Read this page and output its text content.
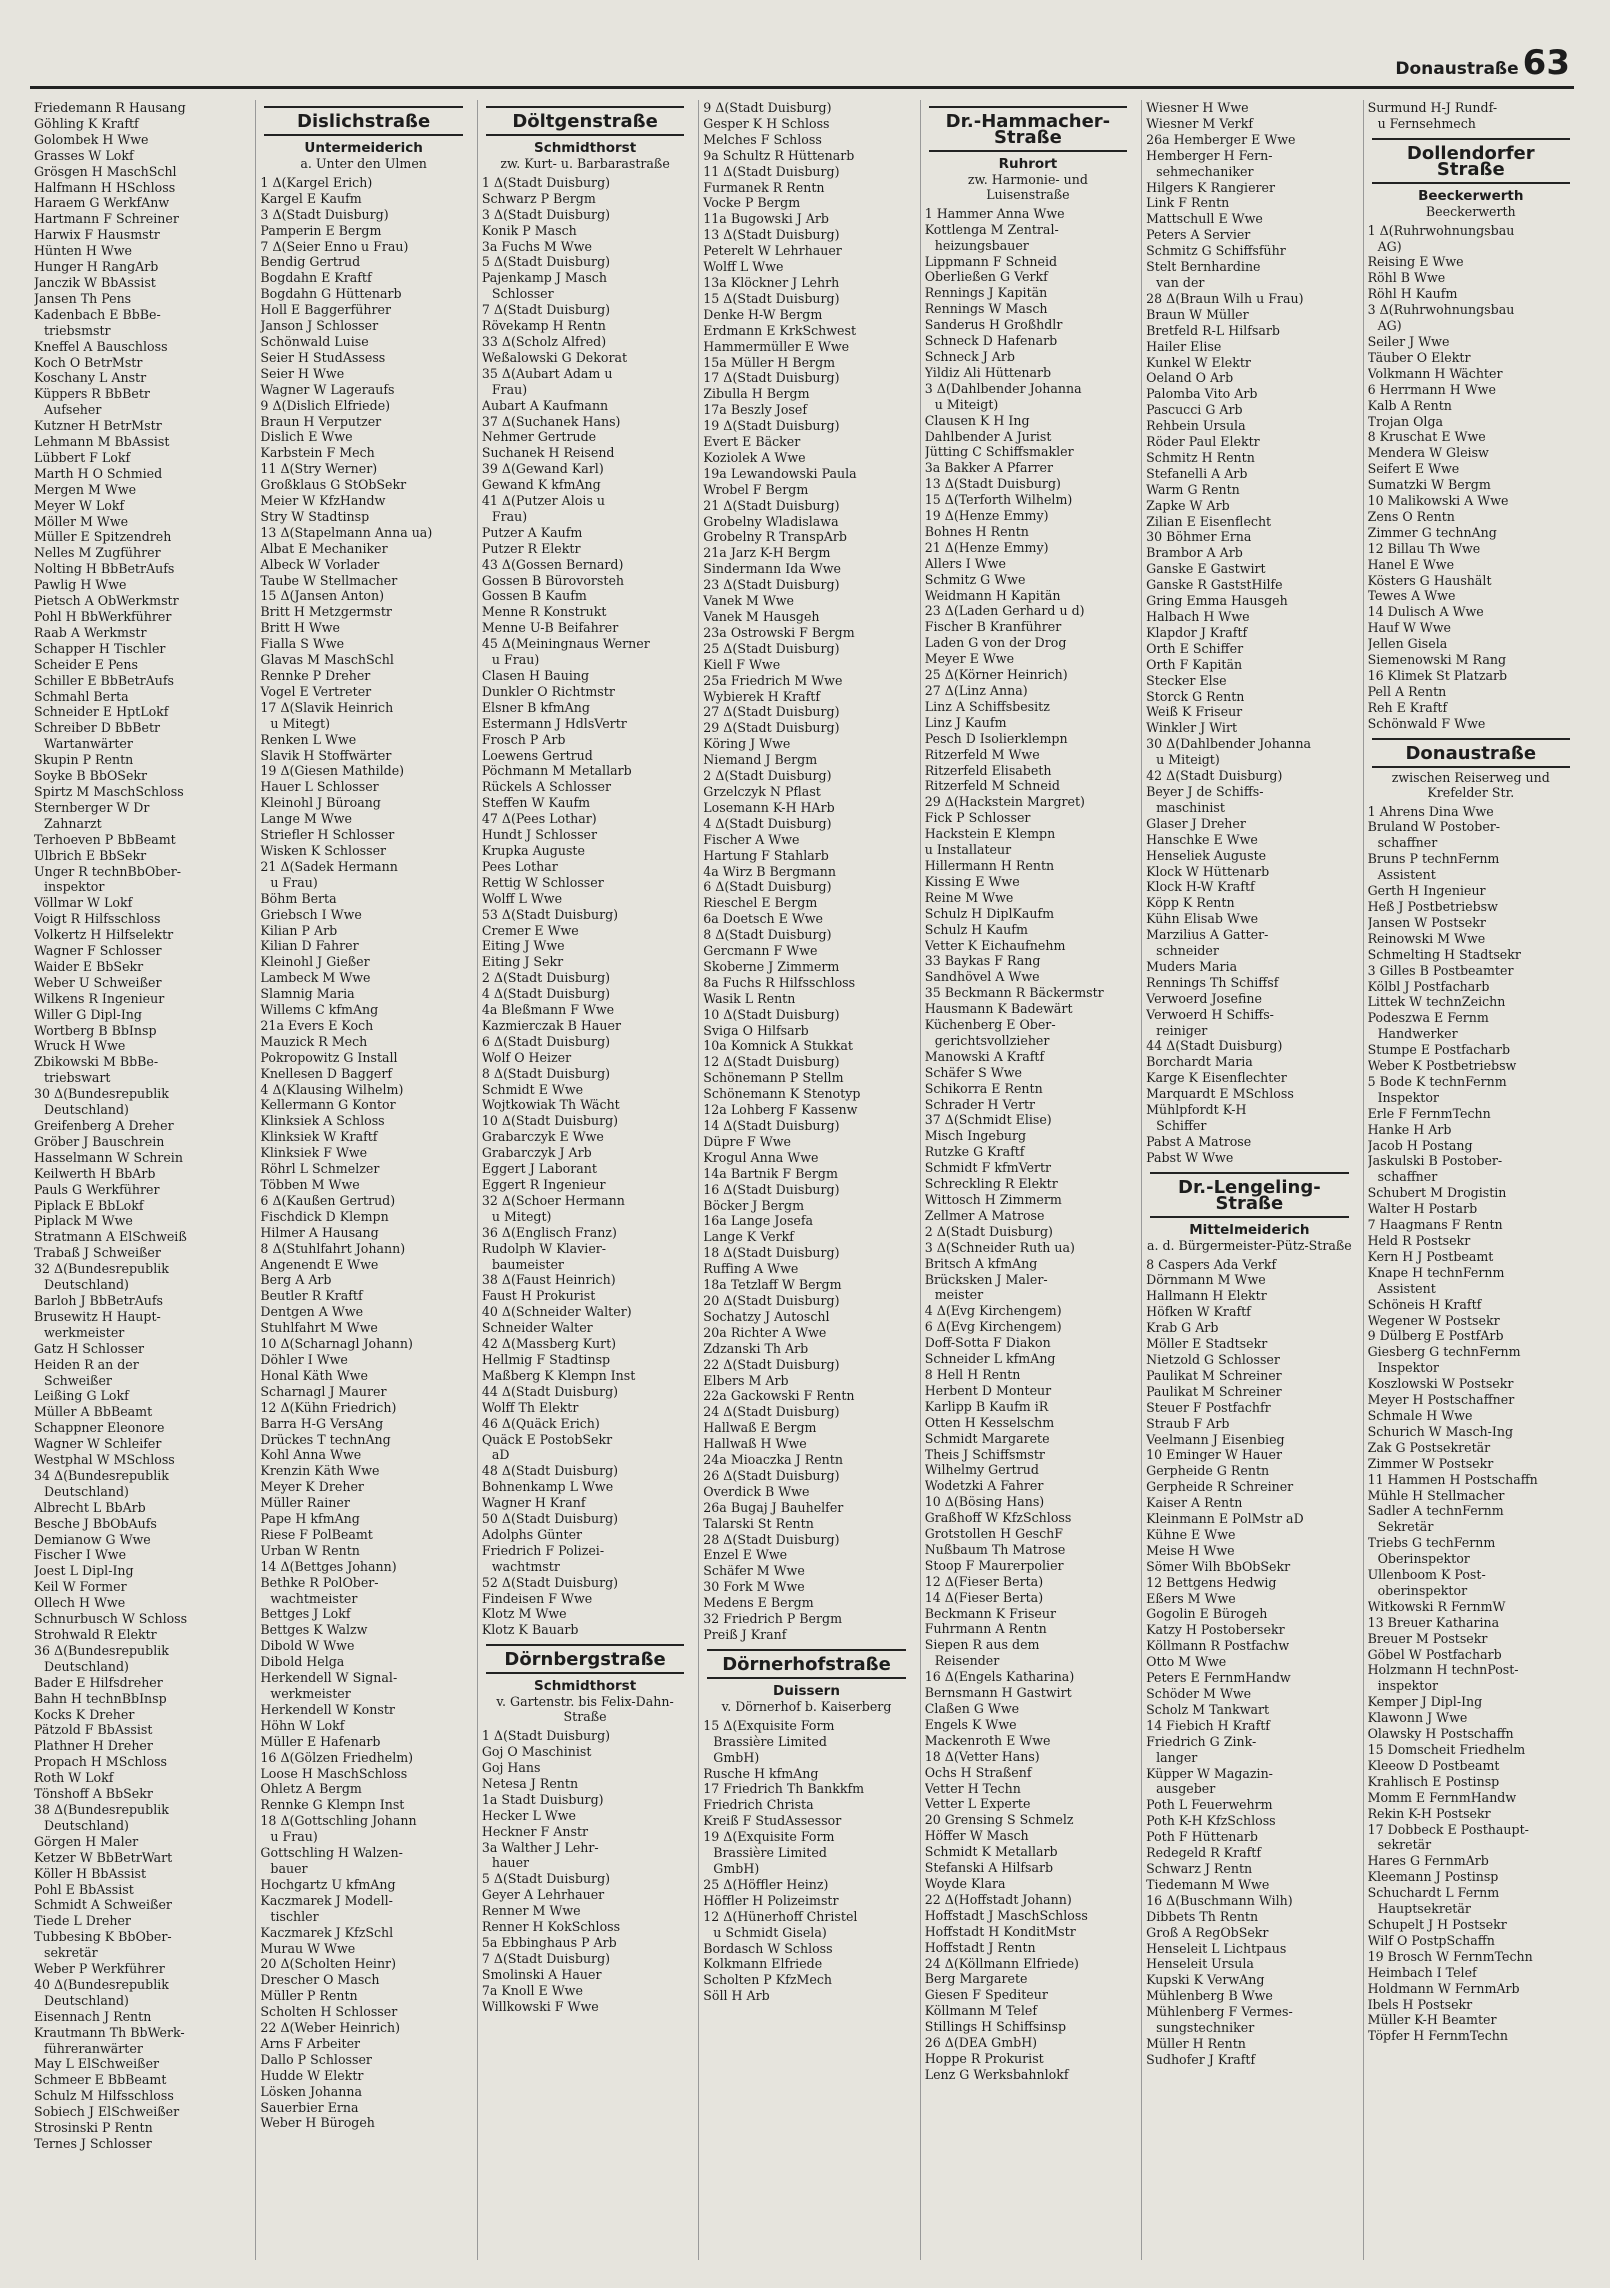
Donaustraße 63
Friedemann R Hausang
Göhling K Kraftf
Golombek H Wwe
Grasses W Lokf
Grösgen H MaschSchl
Halfmann H HSchloss
Haraem G WerkfAnw
Hartmann F Schreiner
Harwix F Hausmstr
Hünten H Wwe
Hunger H RangArb
Janczik W BbAssist
Jansen Th Pens
Kadenbach E BbBe-
triebsmstr
Kneffel A Bauschloss
Koch O BetrMstr
Koschany L Anstr
Küppers R BbBetr
Aufseher
Kutzner H BetrMstr
Lehmann M BbAssist
Lübbert F Lokf
Marth H O Schmied
Mergen M Wwe
Meyer W Lokf
Möller M Wwe
Müller E Spitzendreh
Nelles M Zugführer
Nolting H BbBetrAufs
Pawlig H Wwe
Pietsch A ObWerkmstr
Pohl H BbWerkführer
Raab A Werkmstr
Schapper H Tischler
Scheider E Pens
Schiller E BbBetrAufs
Schmahl Berta
Schneider E HptLokf
Schreiber D BbBetr
Wartanwärter
Skupin P Rentn
Soyke B BbOSekr
Spirtz M MaschSchloss
Sternberger W Dr
Zahnarzt
Terhoeven P BbBeamt
Ulbrich E BbSekr
Unger R technBbOber-
inspektor
Völlmar W Lokf
Voigt R Hilfsschloss
Volkertz H Hilfselektr
Wagner F Schlosser
Waider E BbSekr
Weber U Schweißer
Wilkens R Ingenieur
Willer G Dipl-Ing
Wortberg B BbInsp
Wruck H Wwe
Zbikowski M BbBe-
triebswart
30 Δ(Bundesrepublik
Deutschland)
Greifenberg A Dreher
Gröber J Bauschrein
Hasselmann W Schrein
Keilwerth H BbArb
Pauls G Werkführer
Piplack E BbLokf
Piplack M Wwe
Stratmann A ElSchweiß
Trabaß J Schweißer
32 Δ(Bundesrepublik
Deutschland)
Barloh J BbBetrAufs
Brusewitz H Haupt-
werkmeister
Gatz H Schlosser
Heiden R an der
Schweißer
Leißing G Lokf
Müller A BbBeamt
Schappner Eleonore
Wagner W Schleifer
Westphal W MSchloss
34 Δ(Bundesrepublik
Deutschland)
Albrecht L BbArb
Besche J BbObAufs
Demianow G Wwe
Fischer I Wwe
Joest L Dipl-Ing
Keil W Former
Ollech H Wwe
Schnurbusch W Schloss
Strohwald R Elektr
36 Δ(Bundesrepublik
Deutschland)
Bader E Hilfsdreher
Bahn H technBbInsp
Kocks K Dreher
Pätzold F BbAssist
Plathner H Dreher
Propach H MSchloss
Roth W Lokf
Tönshoff A BbSekr
38 Δ(Bundesrepublik
Deutschland)
Görgen H Maler
Ketzer W BbBetrWart
Köller H BbAssist
Pohl E BbAssist
Schmidt A Schweißer
Tiede L Dreher
Tubbesing K BbOber-
sekretär
Weber P Werkführer
40 Δ(Bundesrepublik
Deutschland)
Eisennach J Rentn
Krautmann Th BbWerk-
führeranwärter
May L ElSchweißer
Schmeer E BbBeamt
Schulz M Hilfsschloss
Sobiech J ElSchweißer
Strosinski P Rentn
Ternes J Schlosser
Dislichstraße
Untermeiderich
a. Unter den Ulmen
1 Δ(Kargel Erich)
Kargel E Kaufm
3 Δ(Stadt Duisburg)
Pamperin E Bergm
7 Δ(Seier Enno u Frau)
Bendig Gertrud
Bogdahn E Kraftf
Bogdahn G Hüttenarb
Holl E Baggerführer
Janson J Schlosser
Schönwald Luise
Seier H StudAssess
Seier H Wwe
Wagner W Lageraufs
9 Δ(Dislich Elfriede)
Braun H Verputzer
Dislich E Wwe
Karbstein F Mech
11 Δ(Stry Werner)
Großklaus G StObSekr
Meier W KfzHandw
Stry W Stadtinsp
13 Δ(Stapelmann Anna ua)
Albat E Mechaniker
Albeck W Vorlader
Taube W Stellmacher
15 Δ(Jansen Anton)
Britt H Metzgermstr
Britt H Wwe
Fialla S Wwe
Glavas M MaschSchl
Rennke P Dreher
Vogel E Vertreter
17 Δ(Slavik Heinrich
u Mitegt)
Renken L Wwe
Slavik H Stoffwärter
19 Δ(Giesen Mathilde)
Hauer L Schlosser
Kleinohl J Büroang
Lange M Wwe
Striefler H Schlosser
Wisken K Schlosser
21 Δ(Sadek Hermann
u Frau)
Böhm Berta
Griebsch I Wwe
Kilian P Arb
Kilian D Fahrer
Kleinohl J Gießer
Lambeck M Wwe
Slamnig Maria
Willems C kfmAng
21a Evers E Koch
Mauzick R Mech
Pokropowitz G Install
Knellesen D Baggerf
4 Δ(Klausing Wilhelm)
Kellermann G Kontor
Klinksiek A Schloss
Klinksiek W Kraftf
Klinksiek F Wwe
Röhrl L Schmelzer
Többen M Wwe
6 Δ(Kaußen Gertrud)
Fischdick D Klempn
Hilmer A Hausang
8 Δ(Stuhlfahrt Johann)
Angenendt E Wwe
Berg A Arb
Beutler R Kraftf
Dentgen A Wwe
Stuhlfahrt M Wwe
10 Δ(Scharnagl Johann)
Döhler I Wwe
Honal Käth Wwe
Scharnagl J Maurer
12 Δ(Kühn Friedrich)
Barra H-G VersAng
Drückes T technAng
Kohl Anna Wwe
Krenzin Käth Wwe
Meyer K Dreher
Müller Rainer
Pape H kfmAng
Riese F PolBeamt
Urban W Rentn
14 Δ(Bettges Johann)
Bethke R PolOber-
wachtmeister
Bettges J Lokf
Bettges K Walzw
Dibold W Wwe
Dibold Helga
Herkendell W Signal-
werkmeister
Herkendell W Konstr
Höhn W Lokf
Müller E Hafenarb
16 Δ(Gölzen Friedhelm)
Loose H MaschSchloss
Ohletz A Bergm
Rennke G Klempn Inst
18 Δ(Gottschling Johann
u Frau)
Gottschling H Walzen-
bauer
Hochgartz U kfmAng
Kaczmarek J Modell-
tischler
Kaczmarek J KfzSchl
Murau W Wwe
20 Δ(Scholten Heinr)
Drescher O Masch
Müller P Rentn
Scholten H Schlosser
22 Δ(Weber Heinrich)
Arns F Arbeiter
Dallo P Schlosser
Hudde W Elektr
Lösken Johanna
Sauerbier Erna
Weber H Bürogeh
Döltgenstraße
Schmidthorst
zw. Kurt- u. Barbarastraße
1 Δ(Stadt Duisburg)
Schwarz P Bergm
3 Δ(Stadt Duisburg)
Konik P Masch
3a Fuchs M Wwe
5 Δ(Stadt Duisburg)
Pajenkamp J Masch
Schlosser
7 Δ(Stadt Duisburg)
Rövekamp H Rentn
33 Δ(Scholz Alfred)
Weßalowski G Dekorat
35 Δ(Aubart Adam u
Frau)
Aubart A Kaufmann
37 Δ(Suchanek Hans)
Nehmer Gertrude
Suchanek H Reisend
39 Δ(Gewand Karl)
Gewand K kfmAng
41 Δ(Putzer Alois u
Frau)
Putzer A Kaufm
Putzer R Elektr
43 Δ(Gossen Bernard)
Gossen B Bürovorsteh
Gossen B Kaufm
Menne R Konstrukt
Menne U-B Beifahrer
45 Δ(Meiningnaus Werner
u Frau)
Clasen H Bauing
Dunkler O Richtmstr
Elsner B kfmAng
Estermann J HdlsVertr
Frosch P Arb
Loewens Gertrud
Pöchmann M Metallarb
Rückels A Schlosser
Steffen W Kaufm
47 Δ(Pees Lothar)
Hundt J Schlosser
Krupka Auguste
Pees Lothar
Rettig W Schlosser
Wolff L Wwe
53 Δ(Stadt Duisburg)
Cremer E Wwe
Eiting J Wwe
Eiting J Sekr
2 Δ(Stadt Duisburg)
4 Δ(Stadt Duisburg)
4a Bleßmann F Wwe
Kazmierczak B Hauer
6 Δ(Stadt Duisburg)
Wolf O Heizer
8 Δ(Stadt Duisburg)
Schmidt E Wwe
Wojtkowiak Th Wächt
10 Δ(Stadt Duisburg)
Grabarczyk E Wwe
Grabarczyk J Arb
Eggert J Laborant
Eggert R Ingenieur
32 Δ(Schoer Hermann
u Mitegt)
36 Δ(Englisch Franz)
Rudolph W Klavier-
baumeister
38 Δ(Faust Heinrich)
Faust H Prokurist
40 Δ(Schneider Walter)
Schneider Walter
42 Δ(Massberg Kurt)
Hellmig F Stadtinsp
Maßberg K Klempn Inst
44 Δ(Stadt Duisburg)
Wolff Th Elektr
46 Δ(Quäck Erich)
Quäck E PostobSekr
aD
48 Δ(Stadt Duisburg)
Bohnenkamp L Wwe
Wagner H Kranf
50 Δ(Stadt Duisburg)
Adolphs Günter
Friedrich F Polizei-
wachtmstr
52 Δ(Stadt Duisburg)
Findeisen F Wwe
Klotz M Wwe
Klotz K Bauarb
Dörnbergstraße
Schmidthorst
v. Gartenstr. bis Felix-Dahn-Straße
1 Δ(Stadt Duisburg)
Goj O Maschinist
Goj Hans
Netesa J Rentn
1a Stadt Duisburg)
Hecker L Wwe
Heckner F Anstr
3a Walther J Lehr-
hauer
5 Δ(Stadt Duisburg)
Geyer A Lehrhauer
Renner M Wwe
Renner H KokSchloss
5a Ebbinghaus P Arb
7 Δ(Stadt Duisburg)
Smolinski A Hauer
7a Knoll E Wwe
Willkowski F Wwe
9 Δ(Stadt Duisburg)
Gesper K H Schloss
Melches F Schloss
9a Schultz R Hüttenarb
11 Δ(Stadt Duisburg)
Furmanek R Rentn
Vocke P Bergm
11a Bugowski J Arb
13 Δ(Stadt Duisburg)
Peterelt W Lehrhauer
Wolff L Wwe
13a Klöckner J Lehrh
15 Δ(Stadt Duisburg)
Denke H-W Bergm
Erdmann E KrkSchwest
Hammermüller E Wwe
15a Müller H Bergm
17 Δ(Stadt Duisburg)
Zibulla H Bergm
17a Beszly Josef
19 Δ(Stadt Duisburg)
Evert E Bäcker
Koziolek A Wwe
19a Lewandowski Paula
Wrobel F Bergm
21 Δ(Stadt Duisburg)
Grobelny Wladislawa
Grobelny R TranspArb
21a Jarz K-H Bergm
Sindermann Ida Wwe
23 Δ(Stadt Duisburg)
Vanek M Wwe
Vanek M Hausgeh
23a Ostrowski F Bergm
25 Δ(Stadt Duisburg)
Kiell F Wwe
25a Friedrich M Wwe
Wybierek H Kraftf
27 Δ(Stadt Duisburg)
29 Δ(Stadt Duisburg)
Köring J Wwe
Niemand J Bergm
2 Δ(Stadt Duisburg)
Grzelczyk N Pflast
Losemann K-H HArb
4 Δ(Stadt Duisburg)
Fischer A Wwe
Hartung F Stahlarb
4a Wirz B Bergmann
6 Δ(Stadt Duisburg)
Rieschel E Bergm
6a Doetsch E Wwe
8 Δ(Stadt Duisburg)
Gercmann F Wwe
Skoberne J Zimmerm
8a Fuchs R Hilfsschloss
Wasik L Rentn
10 Δ(Stadt Duisburg)
Sviga O Hilfsarb
10a Komnick A Stukkat
12 Δ(Stadt Duisburg)
Schönemann P Stellm
Schönemann K Stenotyp
12a Lohberg F Kassenw
14 Δ(Stadt Duisburg)
Düpre F Wwe
Krogul Anna Wwe
14a Bartnik F Bergm
16 Δ(Stadt Duisburg)
Böcker J Bergm
16a Lange Josefa
Lange K Verkf
18 Δ(Stadt Duisburg)
Ruffing A Wwe
18a Tetzlaff W Bergm
20 Δ(Stadt Duisburg)
Sochatzy J Autoschl
20a Richter A Wwe
Zdzanski Th Arb
22 Δ(Stadt Duisburg)
Elbers M Arb
22a Gackowski F Rentn
24 Δ(Stadt Duisburg)
Hallwaß E Bergm
Hallwaß H Wwe
24a Mioaczka J Rentn
26 Δ(Stadt Duisburg)
Overdick B Wwe
26a Bugaj J Bauhelfer
Talarski St Rentn
28 Δ(Stadt Duisburg)
Enzel E Wwe
Schäfer M Wwe
30 Fork M Wwe
Medens E Bergm
32 Friedrich P Bergm
Preiß J Kranf
Dörnerhofstraße
Duissern
v. Dörnerhof b. Kaiserberg
15 Δ(Exquisite Form
Brassière Limited
GmbH)
Rusche H kfmAng
17 Friedrich Th Bankkfm
Friedrich Christa
Kreiß F StudAssessor
19 Δ(Exquisite Form
Brassière Limited
GmbH)
25 Δ(Höffler Heinz)
Höffler H Polizeimstr
12 Δ(Hünerhoff Christel
u Schmidt Gisela)
Bordasch W Schloss
Kolkmann Elfriede
Scholten P KfzMech
Söll H Arb
Dr.-Hammacher-Straße
Ruhrort
zw. Harmonie- und Luisenstraße
1 Hammer Anna Wwe
Kottlenga M Zentral-
heizungsbauer
Lippmann F Schneid
Oberließen G Verkf
Rennings J Kapitän
Rennings W Masch
Sanderus H Großhdlr
Schneck D Hafenarb
Schneck J Arb
Yildiz Ali Hüttenarb
3 Δ(Dahlbender Johanna
u Miteigt)
Clausen K H Ing
Dahlbender A Jurist
Jütting C Schiffsmakler
3a Bakker A Pfarrer
13 Δ(Stadt Duisburg)
15 Δ(Terforth Wilhelm)
19 Δ(Henze Emmy)
Bohnes H Rentn
21 Δ(Henze Emmy)
Allers I Wwe
Schmitz G Wwe
Weidmann H Kapitän
23 Δ(Laden Gerhard u d)
Fischer B Kranführer
Laden G von der Drog
Meyer E Wwe
25 Δ(Körner Heinrich)
27 Δ(Linz Anna)
Linz A Schiffsbesitz
Linz J Kaufm
Pesch D Isolierklempn
Ritzerfeld M Wwe
Ritzerfeld Elisabeth
Ritzerfeld M Schneid
29 Δ(Hackstein Margret)
Fick P Schlosser
Hackstein E Klempn
u Installateur
Hillermann H Rentn
Kissing E Wwe
Reine M Wwe
Schulz H DiplKaufm
Schulz H Kaufm
Vetter K Eichaufnehm
33 Baykas F Rang
Sandhövel A Wwe
35 Beckmann R Bäckermstr
Hausmann K Badewärt
Küchenberg E Ober-
gerichtsvollzieher
Manowski A Kraftf
Schäfer S Wwe
Schikorra E Rentn
Schrader H Vertr
37 Δ(Schmidt Elise)
Misch Ingeburg
Rutzke G Kraftf
Schmidt F kfmVertr
Schreckling R Elektr
Wittosch H Zimmerm
Zellmer A Matrose
2 Δ(Stadt Duisburg)
3 Δ(Schneider Ruth ua)
Britsch A kfmAng
Brücksken J Maler-
meister
4 Δ(Evg Kirchengem)
6 Δ(Evg Kirchengem)
Doff-Sotta F Diakon
Schneider L kfmAng
8 Hell H Rentn
Herbent D Monteur
Karlipp B Kaufm iR
Otten H Kesselschm
Schmidt Margarete
Theis J Schiffsmstr
Wilhelmy Gertrud
Wodetzki A Fahrer
10 Δ(Bösing Hans)
Graßhoff W KfzSchloss
Grotstollen H GeschF
Nußbaum Th Matrose
Stoop F Maurerpolier
12 Δ(Fieser Berta)
14 Δ(Fieser Berta)
Beckmann K Friseur
Fuhrmann A Rentn
Siepen R aus dem
Reisender
16 Δ(Engels Katharina)
Bernsmann H Gastwirt
Claßen G Wwe
Engels K Wwe
Mackenroth E Wwe
18 Δ(Vetter Hans)
Ochs H Straßenf
Vetter H Techn
Vetter L Experte
20 Grensing S Schmelz
Höffer W Masch
Schmidt K Metallarb
Stefanski A Hilfsarb
Woyde Klara
22 Δ(Hoffstadt Johann)
Hoffstadt J MaschSchloss
Hoffstadt H KonditMstr
Hoffstadt J Rentn
24 Δ(Köllmann Elfriede)
Berg Margarete
Giesen F Spediteur
Köllmann M Telef
Stillings H Schiffsinsp
26 Δ(DEA GmbH)
Hoppe R Prokurist
Lenz G Werksbahnlokf
Wiesner H Wwe
Wiesner M Verkf
26a Hemberger E Wwe
Hemberger H Fern-
sehmechaniker
Hilgers K Rangierer
Link F Rentn
Mattschull E Wwe
Peters A Servier
Schmitz G Schiffsführ
Stelt Bernhardine
van der
28 Δ(Braun Wilh u Frau)
Braun W Müller
Bretfeld R-L Hilfsarb
Hailer Elise
Kunkel W Elektr
Oeland O Arb
Palomba Vito Arb
Pascucci G Arb
Rehbein Ursula
Röder Paul Elektr
Schmitz H Rentn
Stefanelli A Arb
Warm G Rentn
Zapke W Arb
Zilian E Eisenflecht
30 Böhmer Erna
Brambor A Arb
Ganske E Gastwirt
Ganske R GaststHilfe
Gring Emma Hausgeh
Halbach H Wwe
Klapdor J Kraftf
Orth E Schiffer
Orth F Kapitän
Stecker Else
Storck G Rentn
Weiß K Friseur
Winkler J Wirt
30 Δ(Dahlbender Johanna
u Miteigt)
42 Δ(Stadt Duisburg)
Beyer J de Schiffs-
maschinist
Glaser J Dreher
Hanschke E Wwe
Henseliek Auguste
Klock W Hüttenarb
Klock H-W Kraftf
Köpp K Rentn
Kühn Elisab Wwe
Marzilius A Gatter-
schneider
Muders Maria
Rennings Th Schiffsf
Verwoerd Josefine
Verwoerd H Schiffs-
reiniger
44 Δ(Stadt Duisburg)
Borchardt Maria
Karge K Eisenflechter
Marquardt E MSchloss
Mühlpfordt K-H
Schiffer
Pabst A Matrose
Pabst W Wwe
Dr.-Lengeling-Straße
Mittelmeiderich
a. d. Bürgermeister-Pütz-Straße
8 Caspers Ada Verkf
Dörnmann M Wwe
Hallmann H Elektr
Höfken W Kraftf
Krab G Arb
Möller E Stadtsekr
Nietzold G Schlosser
Paulikat M Schreiner
Paulikat M Schreiner
Steuer F Postfachfr
Straub F Arb
Veelmann J Eisenbieg
10 Eminger W Hauer
Gerpheide G Rentn
Gerpheide R Schreiner
Kaiser A Rentn
Kleinmann E PolMstr aD
Kühne E Wwe
Meise H Wwe
Sömer Wilh BbObSekr
12 Bettgens Hedwig
Eßers M Wwe
Gogolin E Bürogeh
Katzy H Postobersekr
Köllmann R Postfachw
Otto M Wwe
Peters E FernmHandw
Schöder M Wwe
Scholz M Tankwart
14 Fiebich H Kraftf
Friedrich G Zink-
langer
Küpper W Magazin-
ausgeber
Poth L Feuerwehrm
Poth K-H KfzSchloss
Poth F Hüttenarb
Redegeld R Kraftf
Schwarz J Rentn
Tiedemann M Wwe
16 Δ(Buschmann Wilh)
Dibbets Th Rentn
Groß A RegObSekr
Henseleit L Lichtpaus
Henseleit Ursula
Kupski K VerwAng
Mühlenberg B Wwe
Mühlenberg F Vermes-
sungstechniker
Müller H Rentn
Sudhofer J Kraftf
Surmund H-J Rundf-
u Fernsehmech
Dollendorfer Straße
Beeckerwerth
Beeckerwerth
1 Δ(Ruhrwohnungsbau
AG)
Reising E Wwe
Röhl B Wwe
Röhl H Kaufm
3 Δ(Ruhrwohnungsbau
AG)
Seiler J Wwe
Täuber O Elektr
Volkmann H Wächter
6 Herrmann H Wwe
Kalb A Rentn
Trojan Olga
8 Kruschat E Wwe
Mendera W Gleisw
Seifert E Wwe
Sumatzki W Bergm
10 Malikowski A Wwe
Zens O Rentn
Zimmer G technAng
12 Billau Th Wwe
Hanel E Wwe
Kösters G Haushält
Tewes A Wwe
14 Dulisch A Wwe
Hauf W Wwe
Jellen Gisela
Siemenowski M Rang
16 Klimek St Platzarb
Pell A Rentn
Reh E Kraftf
Schönwald F Wwe
Donaustraße
zwischen Reiserweg und Krefelder Str.
1 Ahrens Dina Wwe
Bruland W Postober-
schaffner
Bruns P technFernm
Assistent
Gerth H Ingenieur
Heß J Postbetriebsw
Jansen W Postsekr
Reinowski M Wwe
Schmelting H Stadtsekr
3 Gilles B Postbeamter
Kölbl J Postfacharb
Littek W technZeichn
Podeszwa E Fernm
Handwerker
Stumpe E Postfacharb
Weber K Postbetriebsw
5 Bode K technFernm
Inspektor
Erle F FernmTechn
Hanke H Arb
Jacob H Postang
Jaskulski B Postober-
schaffner
Schubert M Drogistin
Walter H Postarb
7 Haagmans F Rentn
Held R Postsekr
Kern H J Postbeamt
Knape H technFernm
Assistent
Schöneis H Kraftf
Wegener W Postsekr
9 Dülberg E PostfArb
Giesberg G technFernm
Inspektor
Koszlowski W Postsekr
Meyer H Postschaffner
Schmale H Wwe
Schurich W Masch-Ing
Zak G Postsekretär
Zimmer W Postsekr
11 Hammen H Postschaffn
Mühle H Stellmacher
Sadler A technFernm
Sekretär
Triebs G techFernm
Oberinspektor
Ullenboom K Post-
oberinspektor
Witkowski R FernmW
13 Breuer Katharina
Breuer M Postsekr
Göbel W Postfacharb
Holzmann H technPost-
inspektor
Kemper J Dipl-Ing
Klawonn J Wwe
Olawsky H Postschaffn
15 Domscheit Friedhelm
Kleeow D Postbeamt
Krahlisch E Postinsp
Momm E FernmHandw
Rekin K-H Postsekr
17 Dobbeck E Posthaupt-
sekretär
Hares G FernmArb
Kleemann J Postinsp
Schuchardt L Fernm
Hauptsekretär
Schupelt J H Postsekr
Wilf O PostpSchaffn
19 Brosch W FernmTechn
Heimbach I Telef
Holdmann W FernmArb
Ibels H Postsekr
Müller K-H Beamter
Töpfer H FernmTechn
